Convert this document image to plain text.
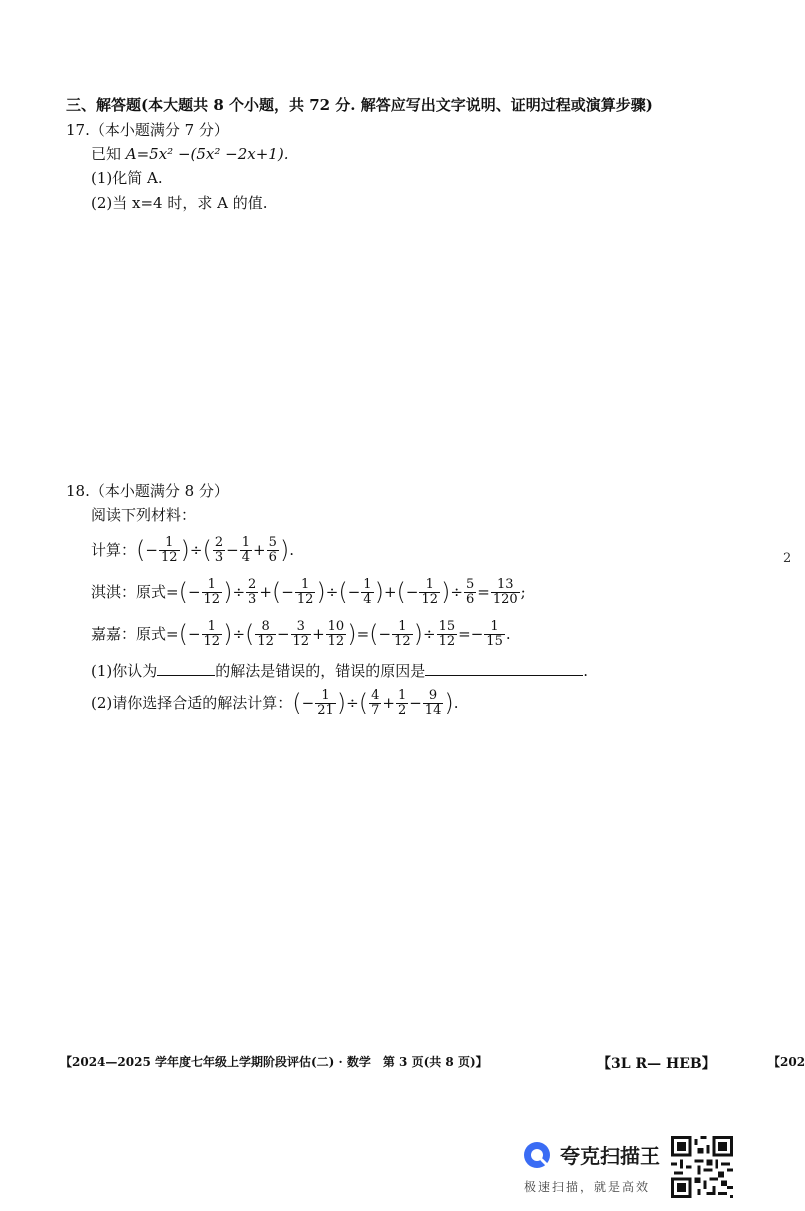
三、解答题(本大题共 8 个小题，共 72 分. 解答应写出文字说明、证明过程或演算步骤)
17.（本小题满分 7 分）
已知 A=5x² −(5x² −2x+1).
(1)化简 A.
(2)当 x=4 时，求 A 的值.
18.（本小题满分 8 分）
阅读下列材料：
计算： ( − $\frac{1}{12}$ ) ÷ ( $\frac{2}{3} - \frac{1}{4} + \frac{5}{6}$ ) .
淇淇：原式= ( − $\frac{1}{12}$ ) ÷ $\frac{2}{3}$ + ( − $\frac{1}{12}$ ) ÷ ( − $\frac{1}{4}$ ) + ( − $\frac{1}{12}$ ) ÷ $\frac{5}{6} = \frac{13}{120}$ ;
嘉嘉：原式= ( − $\frac{1}{12}$ ) ÷ ( $\frac{8}{12} - \frac{3}{12} + \frac{10}{12}$ ) = ( − $\frac{1}{12}$ ) ÷ $\frac{15}{12} =- \frac{1}{15}$ .
(1)你认为	的解法是错误的，错误的原因是	.
(2)请你选择合适的解法计算： ( − $\frac{1}{21}$ ) ÷ ( $\frac{4}{7} + \frac{1}{2} - \frac{9}{14}$ ) .
2
【2024—2025 学年度七年级上学期阶段评估(二) · 数学　第 3 页(共 8 页)】	【3L R— HEB】	【202
夸克扫描王
极速扫描，就是高效
